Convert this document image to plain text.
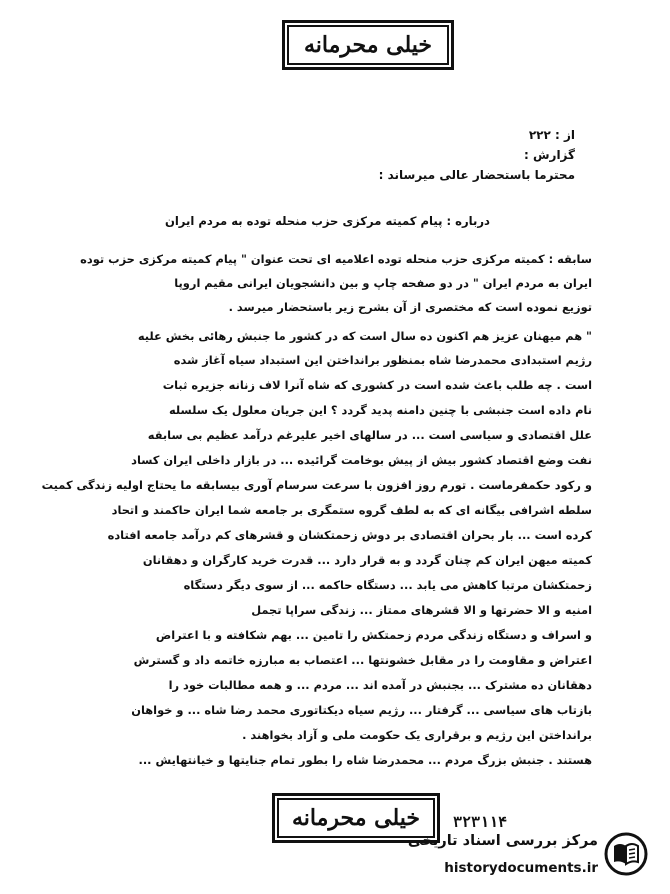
خیلی محرمانه
از : ۲۲۲
گزارش :
محترما باستحضار عالی میرساند :
درباره : پیام کمیته مرکزی حزب منحله توده به مردم ایران
سابقه : کمیته مرکزی حزب منحله توده اعلامیه ای تحت عنوان " پیام کمیته مرکزی حزب توده
ایران به مردم ایران " در دو صفحه چاپ و بین دانشجویان ایرانی مقیم اروپا
توزیع نموده است که مختصری از آن بشرح زیر باستحضار میرسد .
" هم میهنان عزیز هم اکنون ده سال است که در کشور ما جنبش رهائی بخش علیه
رژیم استبدادی محمدرضا شاه بمنظور برانداختن این استبداد سیاه آغاز شده
است . چه طلب باعث شده است در کشوری که شاه آنرا لاف زنانه جزیره ثبات
نام داده است جنبشی با چنین دامنه پدید گردد ؟ این جریان معلول یک سلسله
علل اقتصادی و سیاسی است ... در سالهای اخیر علیرغم درآمد عظیم بی سابقه
نفت وضع اقتصاد کشور بیش از پیش بوخامت گرائیده ... در بازار داخلی ایران کساد
و رکود حکمفرماست . تورم روز افزون با سرعت سرسام آوری بیسابقه ما یحتاج اولیه زندگی کمیت
سلطه اشرافی بیگانه ای که به لطف گروه ستمگری بر جامعه شما ایران حاکمند و اتحاد
کرده است ... بار بحران اقتصادی بر دوش زحمتکشان و قشرهای کم درآمد جامعه افتاده
کمیته میهن ایران کم چنان گردد و به قرار دارد ... قدرت خرید کارگران و دهقانان
زحمتکشان مرتبا کاهش می یابد ... دستگاه حاکمه ... از سوی دیگر دستگاه
امنیه و الا حضرتها و الا قشرهای ممتاز ... زندگی سراپا تجمل
و اسراف و دستگاه زندگی مردم زحمتکش را تامین ... بهم شکافته و با اعتراض
اعتراض و مقاومت را در مقابل خشونتها ... اعتصاب به مبارزه خاتمه داد و گسترش
دهقانان ده مشترک ... بجنبش در آمده اند ... مردم ... و همه مطالبات خود را
بازتاب های سیاسی ... گرفتار ... رژیم سیاه دیکتاتوری محمد رضا شاه ... و خواهان
برانداختن این رژیم و برقراری یک حکومت ملی و آزاد بخواهند .
هستند . جنبش بزرگ مردم ... محمدرضا شاه را بطور تمام جنایتها و خیانتهایش ...
خیلی محرمانه ۳۲۳۱۱۴
مرکز بررسی اسناد تاریخی
historydocuments.ir
